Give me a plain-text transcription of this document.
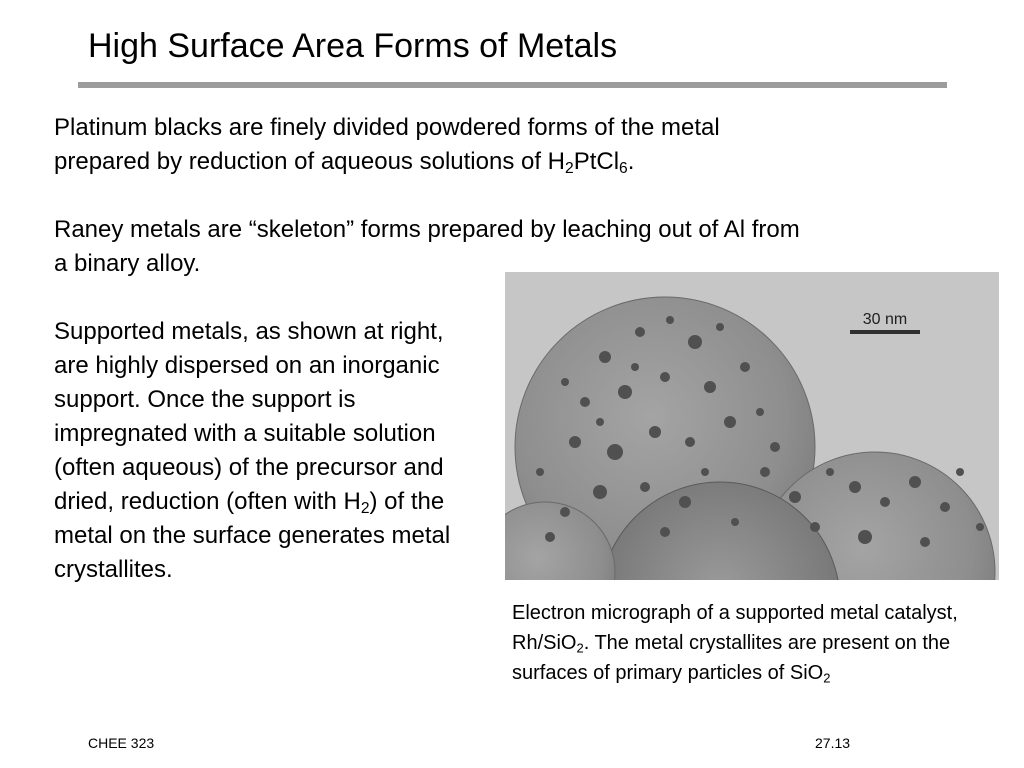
High Surface Area Forms of Metals
Platinum blacks are finely divided powdered forms of the metal
prepared by reduction of aqueous solutions of $H_2PtCl_6$.
Raney metals are “skeleton” forms prepared by leaching out of Al from
a binary alloy.
Supported metals, as shown at right, are highly dispersed on an inorganic support. Once the support is impregnated with a suitable solution (often aqueous) of the precursor and dried, reduction (often with $H_2$) of the metal on the surface generates metal crystallites.
30 nm
Electron micrograph of a supported metal catalyst, Rh/SiO$_2$. The metal crystallites are present on the surfaces of primary particles of SiO$_2$
CHEE 323	27.13
